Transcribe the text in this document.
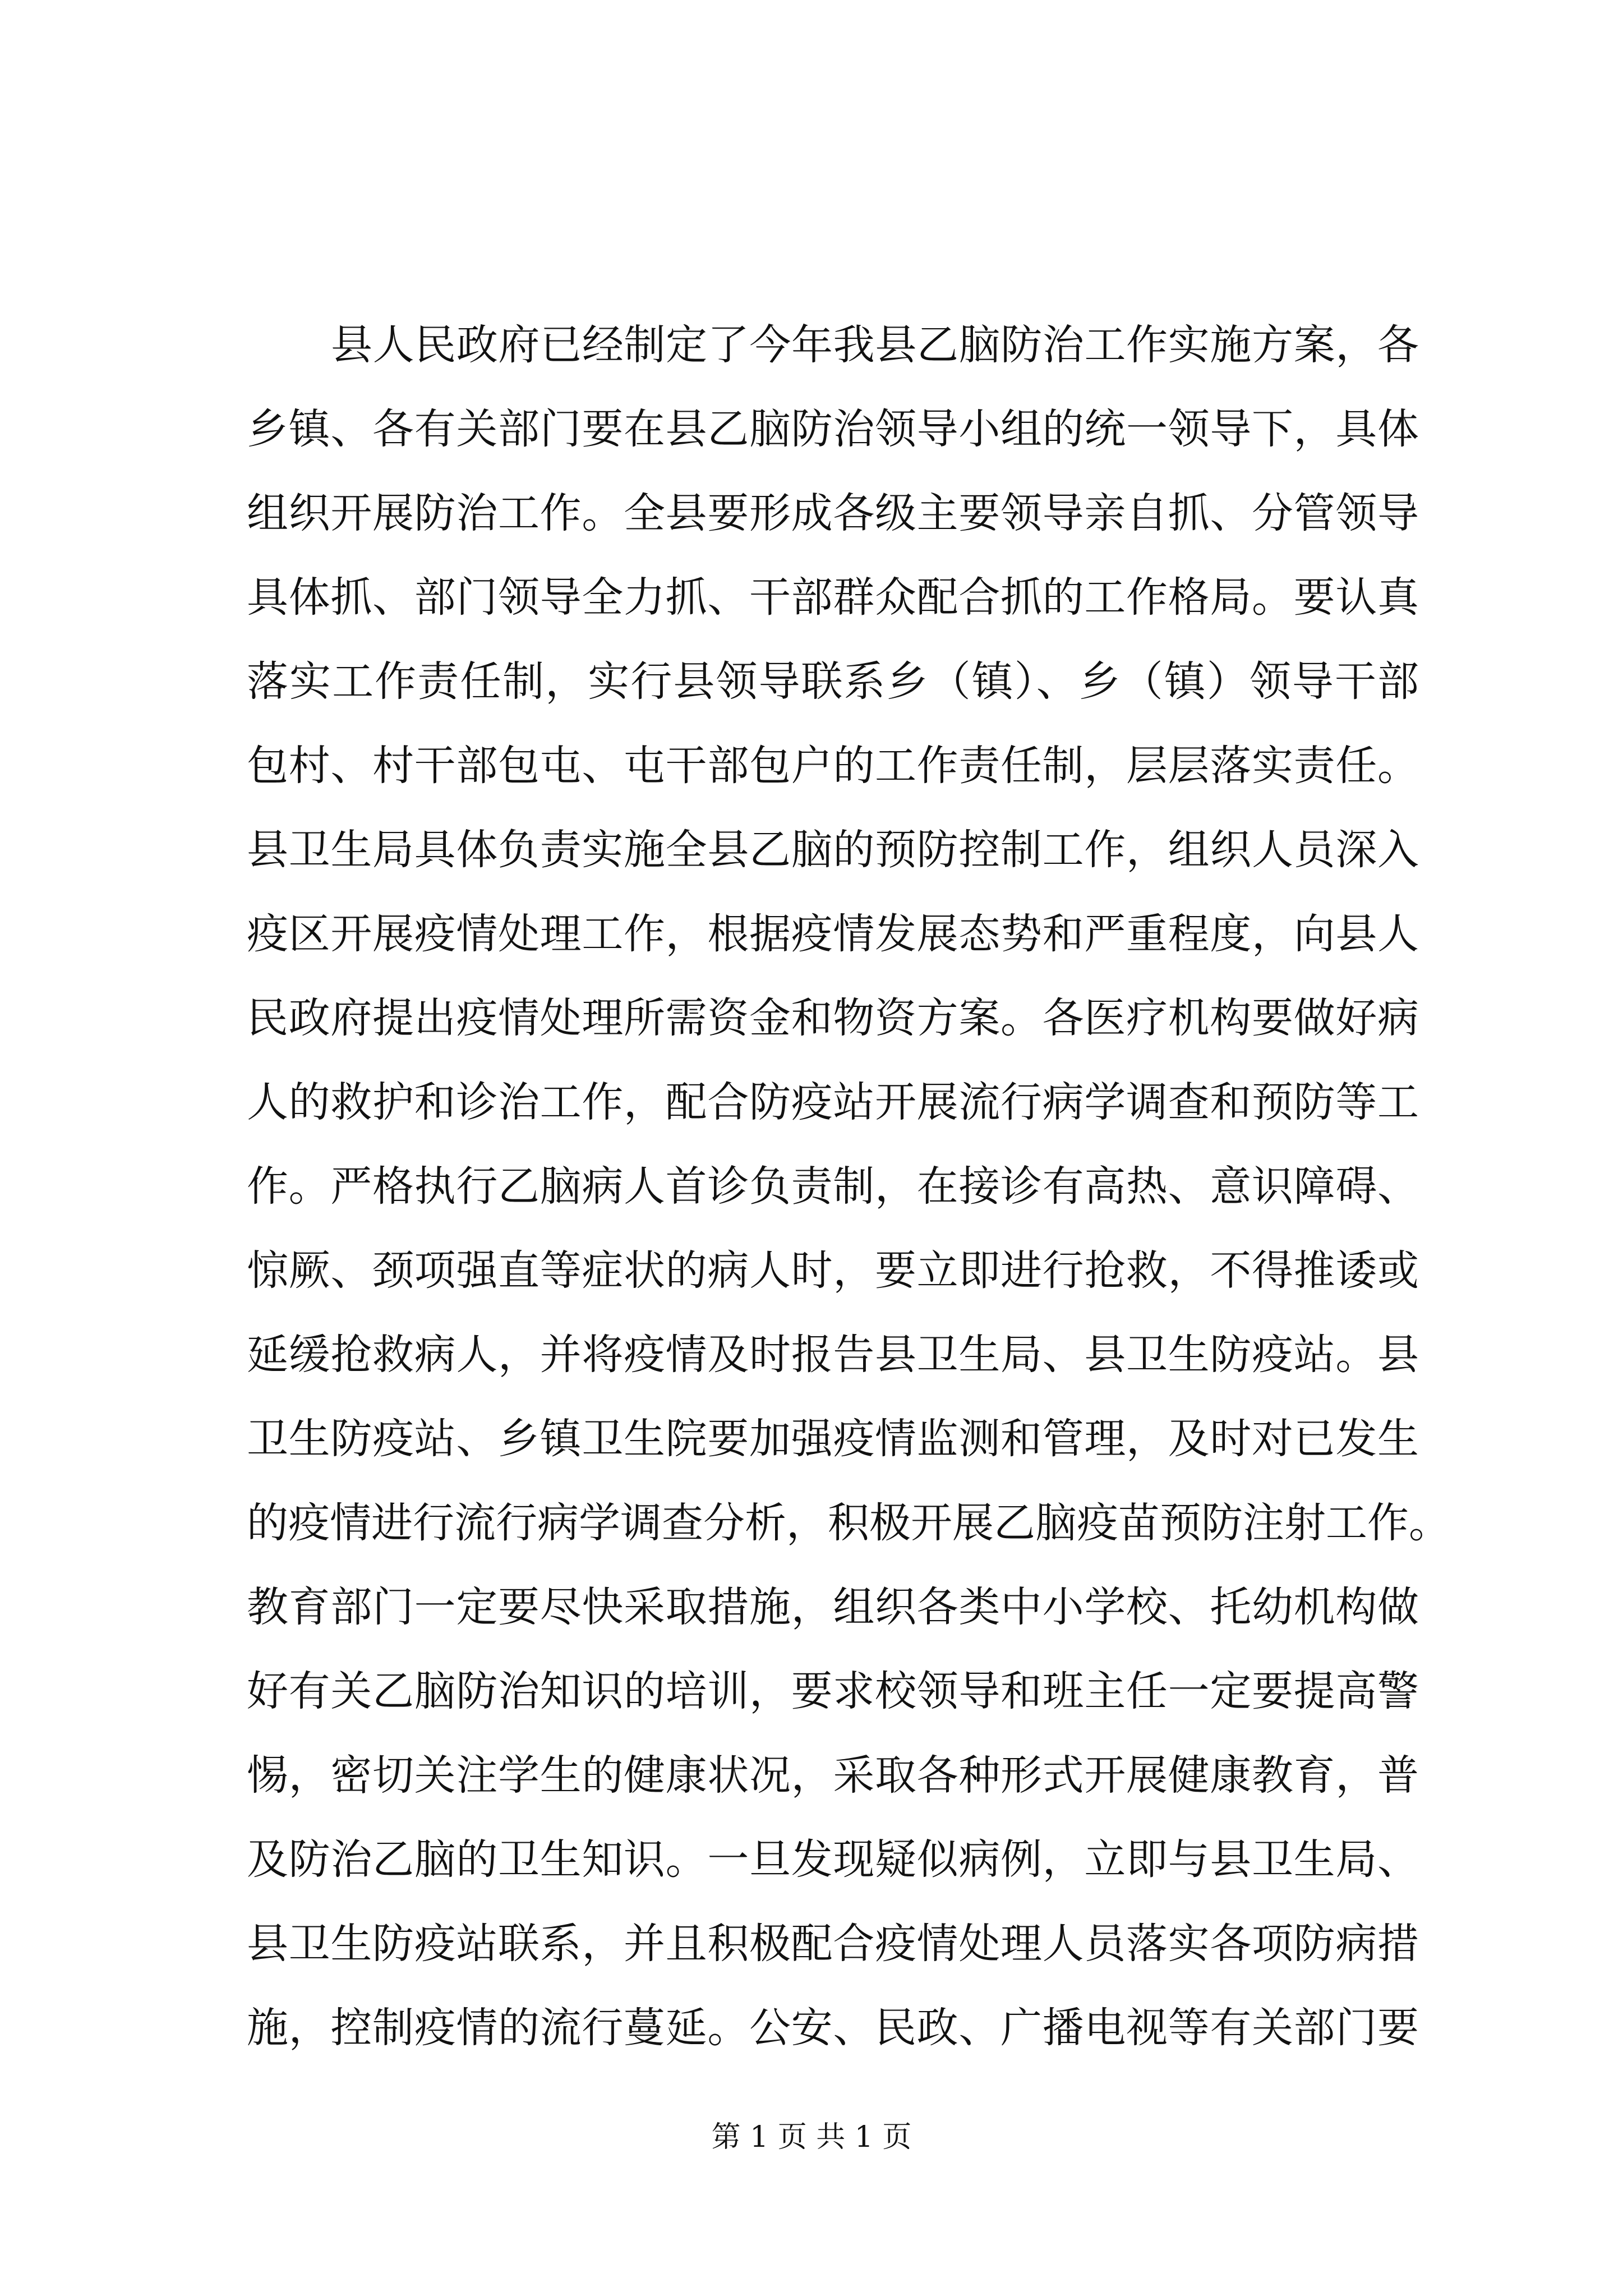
县人民政府已经制定了今年我县乙脑防治工作实施方案，各
乡镇、各有关部门要在县乙脑防治领导小组的统一领导下，具体
组织开展防治工作。全县要形成各级主要领导亲自抓、分管领导
具体抓、部门领导全力抓、干部群众配合抓的工作格局。要认真
落实工作责任制，实行县领导联系乡（镇）、乡（镇）领导干部
包村、村干部包屯、屯干部包户的工作责任制，层层落实责任。
县卫生局具体负责实施全县乙脑的预防控制工作，组织人员深入
疫区开展疫情处理工作，根据疫情发展态势和严重程度，向县人
民政府提出疫情处理所需资金和物资方案。各医疗机构要做好病
人的救护和诊治工作，配合防疫站开展流行病学调查和预防等工
作。严格执行乙脑病人首诊负责制，在接诊有高热、意识障碍、
惊厥、颈项强直等症状的病人时，要立即进行抢救，不得推诿或
延缓抢救病人，并将疫情及时报告县卫生局、县卫生防疫站。县
卫生防疫站、乡镇卫生院要加强疫情监测和管理，及时对已发生
的疫情进行流行病学调查分析，积极开展乙脑疫苗预防注射工作。
教育部门一定要尽快采取措施，组织各类中小学校、托幼机构做
好有关乙脑防治知识的培训，要求校领导和班主任一定要提高警
惕，密切关注学生的健康状况，采取各种形式开展健康教育，普
及防治乙脑的卫生知识。一旦发现疑似病例，立即与县卫生局、
县卫生防疫站联系，并且积极配合疫情处理人员落实各项防病措
施，控制疫情的流行蔓延。公安、民政、广播电视等有关部门要
第 1 页 共 1 页
